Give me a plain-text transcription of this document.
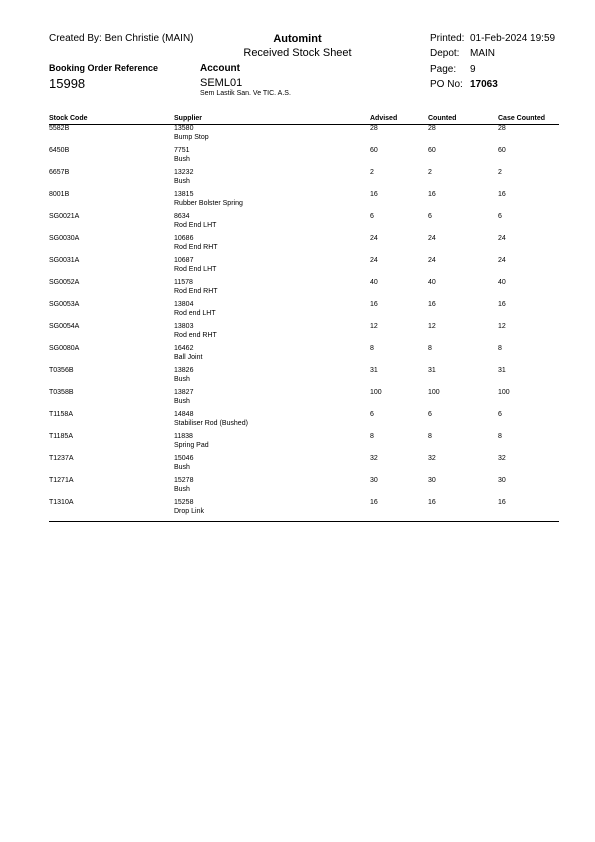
Created By: Ben Christie (MAIN)	Automint
Received Stock Sheet
Printed: 01-Feb-2024 19:59
Depot: MAIN
Page: 9
Booking Order Reference
15998
Account
SEML01
Sem Lastik San. Ve TIC. A.S.
PO No: 17063
Stock Code	Supplier	Advised	Counted	Case Counted
5582B	13580
Bump Stop	28	28	28
6450B	7751
Bush	60	60	60
6657B	13232
Bush	2	2	2
8001B	13815
Rubber Bolster Spring	16	16	16
SG0021A	8634
Rod End LHT	6	6	6
SG0030A	10686
Rod End RHT	24	24	24
SG0031A	10687
Rod End LHT	24	24	24
SG0052A	11578
Rod End RHT	40	40	40
SG0053A	13804
Rod end LHT	16	16	16
SG0054A	13803
Rod end RHT	12	12	12
SG0080A	16462
Ball Joint	8	8	8
T0356B	13826
Bush	31	31	31
T0358B	13827
Bush	100	100	100
T1158A	14848
Stabiliser Rod (Bushed)	6	6	6
T1185A	11838
Spring Pad	8	8	8
T1237A	15046
Bush	32	32	32
T1271A	15278
Bush	30	30	30
T1310A	15258
Drop Link	16	16	16
